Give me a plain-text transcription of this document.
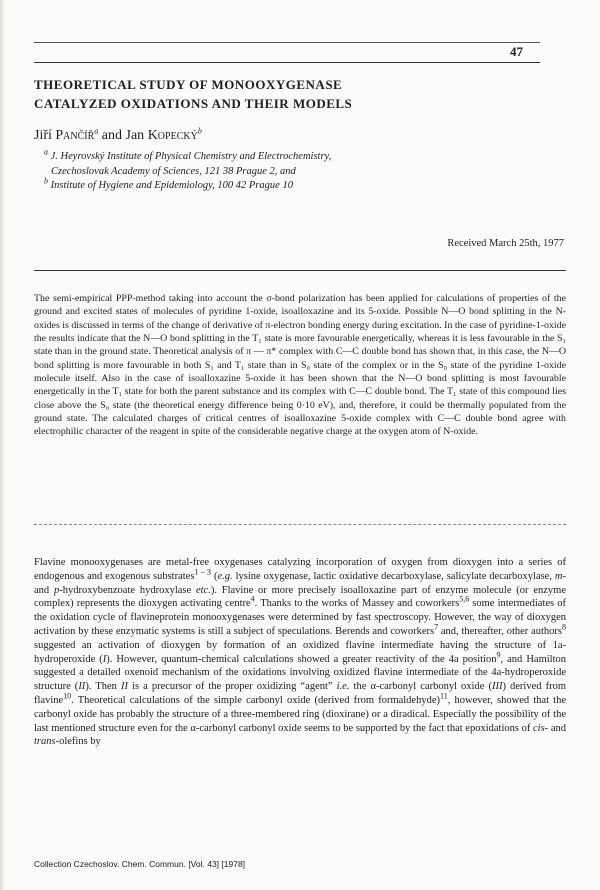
47
THEORETICAL STUDY OF MONOOXYGENASE
CATALYZED OXIDATIONS AND THEIR MODELS
Jiří Pančíř$^a$ and Jan Kopecký$^b$
$^a$ J. Heyrovský Institute of Physical Chemistry and Electrochemistry,
Czechoslovak Academy of Sciences, 121 38 Prague 2, and
$^b$ Institute of Hygiene and Epidemiology, 100 42 Prague 10
Received March 25th, 1977

The semi-empirical PPP-method taking into account the σ-bond polarization has been applied for calculations of properties of the ground and excited states of molecules of pyridine 1-oxide, isoalloxazine and its 5-oxide. Possible N—O bond splitting in the N-oxides is discussed in terms of the change of derivative of π-electron bonding energy during excitation. In the case of pyridine-1-oxide the results indicate that the N—O bond splitting in the T₁ state is more favourable energetically, whereas it is less favourable in the S₁ state than in the ground state. Theoretical analysis of π — π* complex with C—C double bond has shown that, in this case, the N—O bond splitting is more favourable in both S₁ and T₁ state than in S₀ state of the complex or in the S₀ state of the pyridine 1-oxide molecule itself. Also in the case of isoalloxazine 5-oxide it has been shown that the N—O bond splitting is most favourable energetically in the T₁ state for both the parent substance and its complex with C—C double bond. The T₁ state of this compound lies close above the S₀ state (the theoretical energy difference being 0·10 eV), and, therefore, it could be thermally populated from the ground state. The calculated charges of critical centres of isoalloxazine 5-oxide complex with C—C double bond agree with electrophilic character of the reagent in spite of the considerable negative charge at the oxygen atom of N-oxide.

Flavine monooxygenases are metal-free oxygenases catalyzing incorporation of oxygen from dioxygen into a series of endogenous and exogenous substrates$^{1 - 3}$ (e.g. lysine oxygenase, lactic oxidative decarboxylase, salicylate decarboxylase, m- and p-hydroxybenzoate hydroxylase etc.). Flavine or more precisely isoalloxazine part of enzyme molecule (or enzyme complex) represents the dioxygen activating centre$^4$. Thanks to the works of Massey and coworkers$^{5,6}$ some intermediates of the oxidation cycle of flavineprotein monooxygenases were determined by fast spectroscopy. However, the way of dioxygen activation by these enzymatic systems is still a subject of speculations. Berends and coworkers$^7$ and, thereafter, other authors$^8$ suggested an activation of dioxygen by formation of an oxidized flavine intermediate having the structure of 1a-hydroperoxide (I). However, quantum-chemical calculations showed a greater reactivity of the 4a position$^9$, and Hamilton suggested a detailed oxenoid mechanism of the oxidations involving oxidized flavine intermediate of the 4a-hydroperoxide structure (II). Then II is a precursor of the proper oxidizing “agent” i.e. the α-carbonyl carbonyl oxide (III) derived from flavine$^{10}$. Theoretical calculations of the simple carbonyl oxide (derived from formaldehyde)$^{11}$, however, showed that the carbonyl oxide has probably the structure of a three-membered ring (dioxirane) or a diradical. Especially the possibility of the last mentioned structure even for the α-carbonyl carbonyl oxide seems to be supported by the fact that epoxidations of cis- and trans-olefins by

Collection Czechoslov. Chem. Commun. [Vol. 43] [1978]
